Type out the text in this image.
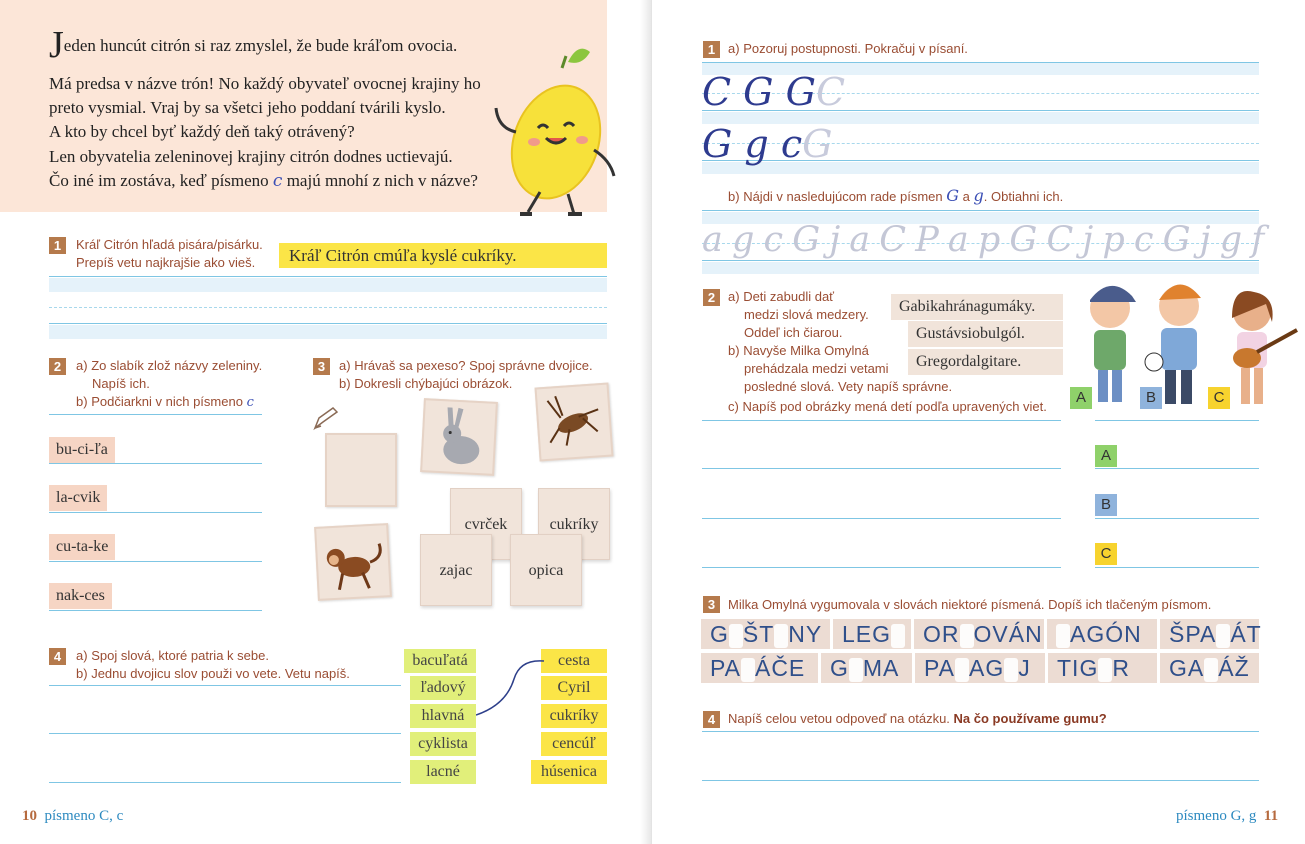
Jeden huncút citrón si raz zmyslel, že bude kráľom ovocia.

Má predsa v názve trón! No každý obyvateľ ovocnej krajiny ho

preto vysmial. Vraj by sa všetci jeho poddaní tvárili kyslo.

A kto by chcel byť každý deň taký otrávený?

Len obyvatelia zeleninovej krajiny citrón dodnes uctievajú.

Čo iné im zostáva, keď písmeno c majú mnohí z nich v názve?

1	Kráľ Citrón hľadá pisára/pisárku.
Prepíš vetu najkrajšie ako vieš.	Kráľ Citrón cmúľa kyslé cukríky.
2	a) Zo slabík zlož názvy zeleniny.
Napíš ich.
b) Podčiarkni v nich písmeno c
bu-ci-ľa
la-cvik
cu-ta-ke
nak-ces
3	a) Hrávaš sa pexeso? Spoj správne dvojice.
b) Dokresli chýbajúci obrázok.
cvrček	cukríky
zajac	opica
4	a) Spoj slová, ktoré patria k sebe.
b) Jednu dvojicu slov použi vo vete. Vetu napíš.
bacuľatá
ľadový
hlavná
cyklista
lacné
cesta
Cyril
cukríky
cencúľ
húsenica
10 písmeno C, c
1 a) Pozoruj postupnosti. Pokračuj v písaní.
C G GC
G g cG
b) Nájdi v nasledujúcom rade písmen G a g. Obtiahni ich.
a g c G j a C P a p G C j p c G j g f
2 a) Deti zabudli dať
medzi slová medzery.
Oddeľ ich čiarou.
b) Navyše Milka Omylná
prehádzala medzi vetami
posledné slová. Vety napíš správne.
c) Napíš pod obrázky mená detí podľa upravených viet.
Gabikahránagumáky.
Gustávsiobulgól.
Gregordalgitare.
A	B	C
A
B
C
3 Milka Omylná vygumovala v slovách niektoré písmená. Dopíš ich tlačeným písmom.
G ŠT NY LEG	OR OVÁN	AGÓN	ŠPA ÁT
PA ÁČE	G MA	PA AG J	TIG R	GA ÁŽ
4 Napíš celou vetou odpoveď na otázku. Na čo používame gumu?
písmeno G, g 11
